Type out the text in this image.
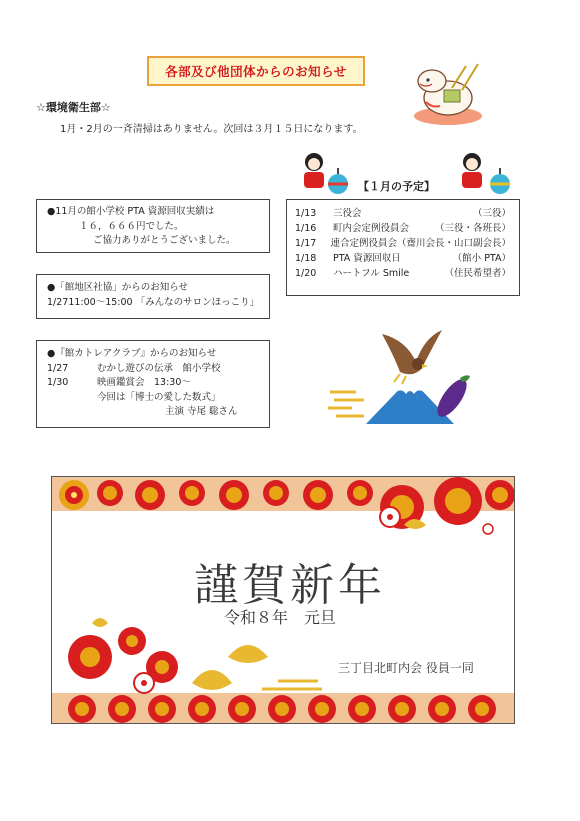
各部及び他団体からのお知らせ
☆環境衛生部☆
1月・2月の一斉清掃はありません。次回は３月１５日になります。
【１月の予定】
1/13	三役会	（三役）
1/16	町内会定例役員会	（三役・各班長）
1/17	連合定例役員会（齋川会長・山口副会長）
1/18	PTA 資源回収日	（館小 PTA）
1/20	ハートフル Smile	（住民希望者）
●11月の館小学校 PTA 資源回収実績は
１６，６６６円でした。
ご協力ありがとうございました。
●「館地区社協」からのお知らせ
1/27 11:00～15:00 「みんなのサロンほっこり」
●『館カトレアクラブ』からのお知らせ
1/27	むかし遊びの伝承　館小学校
1/30	映画鑑賞会　13:30～
今回は「博士の愛した数式」
主演 寺尾 聡さん
謹賀新年
令和８年　元旦
三丁目北町内会 役員一同
